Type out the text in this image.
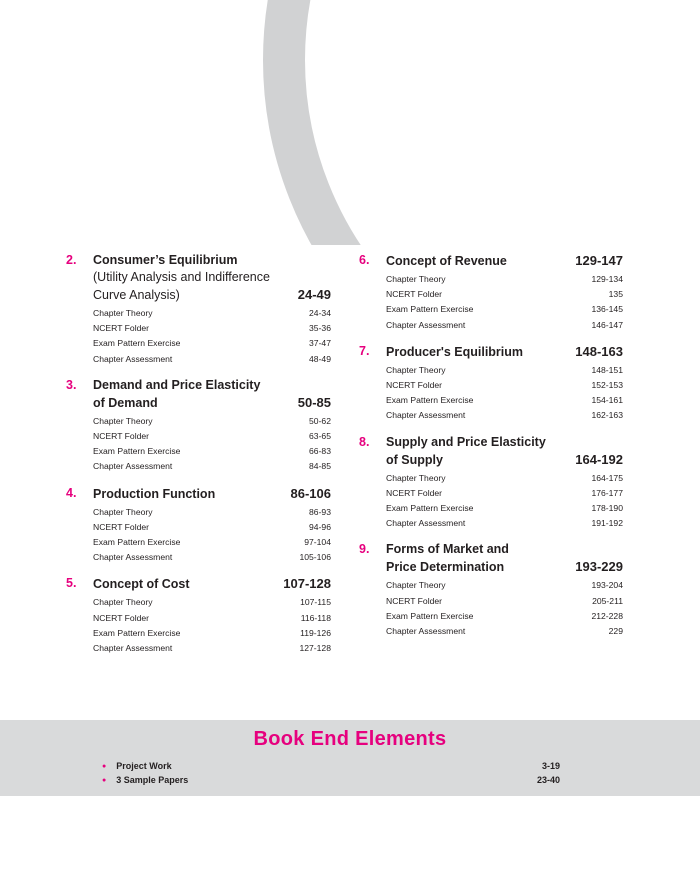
2.	Consumer’s Equilibrium
(Utility Analysis and Indifference
Curve Analysis)	24-49
Chapter Theory	24-34
NCERT Folder	35-36
Exam Pattern Exercise	37-47
Chapter Assessment	48-49
3.	Demand and Price Elasticity
of Demand	50-85
Chapter Theory	50-62
NCERT Folder	63-65
Exam Pattern Exercise	66-83
Chapter Assessment	84-85
4.	Production Function	86-106
Chapter Theory	86-93
NCERT Folder	94-96
Exam Pattern Exercise	97-104
Chapter Assessment	105-106
5.	Concept of Cost	107-128
Chapter Theory	107-115
NCERT Folder	116-118
Exam Pattern Exercise	119-126
Chapter Assessment	127-128
6.	Concept of Revenue	129-147
Chapter Theory	129-134
NCERT Folder	135
Exam Pattern Exercise	136-145
Chapter Assessment	146-147
7.	Producer's Equilibrium	148-163
Chapter Theory	148-151
NCERT Folder	152-153
Exam Pattern Exercise	154-161
Chapter Assessment	162-163
8.	Supply and Price Elasticity
of Supply	164-192
Chapter Theory	164-175
NCERT Folder	176-177
Exam Pattern Exercise	178-190
Chapter Assessment	191-192
9.	Forms of Market and
Price Determination	193-229
Chapter Theory	193-204
NCERT Folder	205-211
Exam Pattern Exercise	212-228
Chapter Assessment	229
Book End Elements
● Project Work	3-19
● 3 Sample Papers	23-40
